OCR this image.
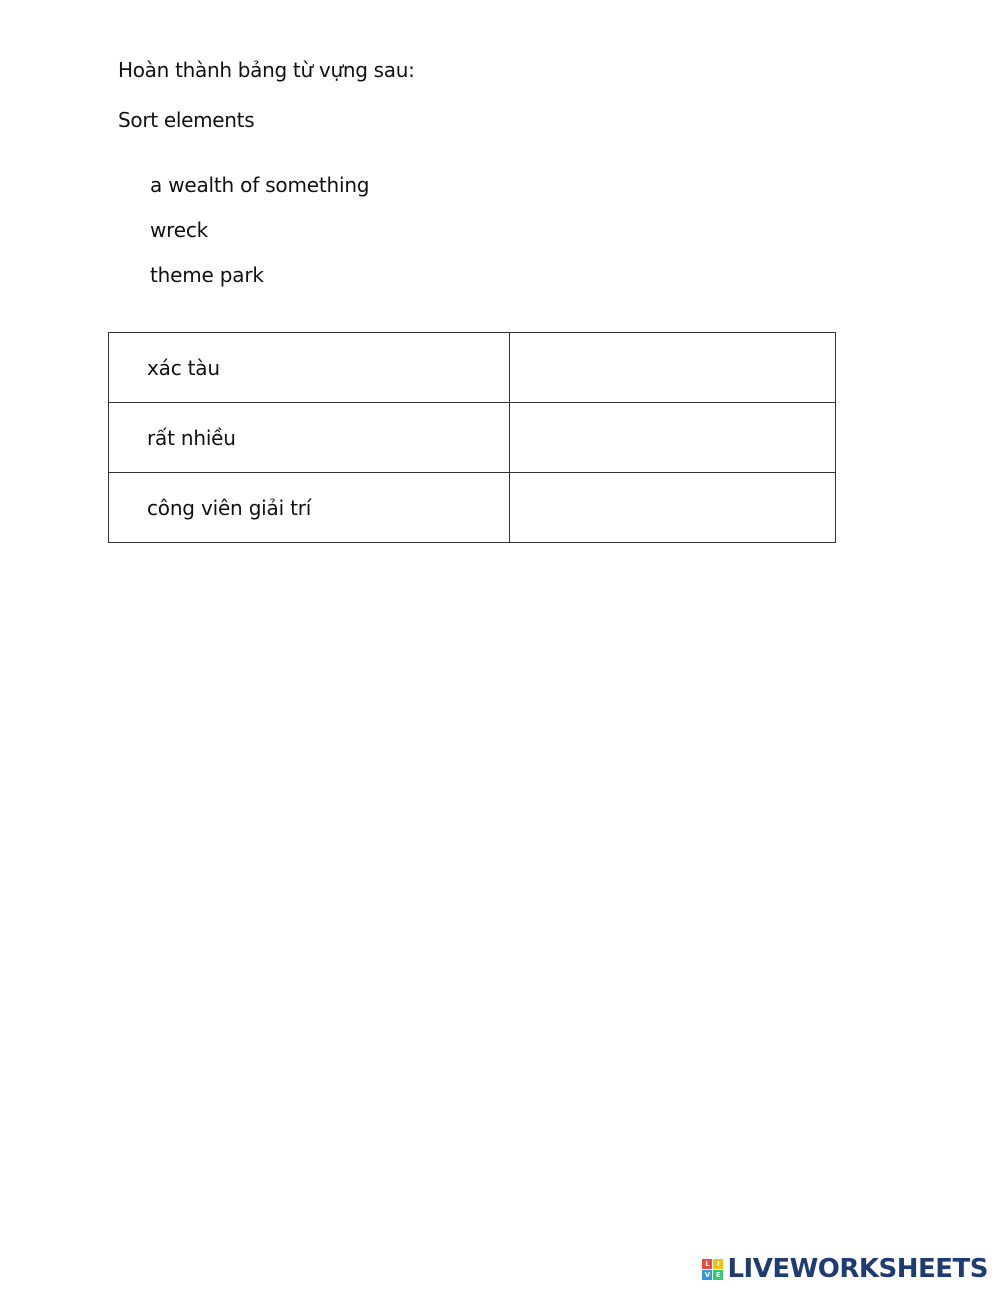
Hoàn thành bảng từ vựng sau:

Sort elements

a wealth of something
wreck
theme park
xác tàu	
rất nhiều	
công viên giải trí	
L	I
V E LIVEWORKSHEETS
